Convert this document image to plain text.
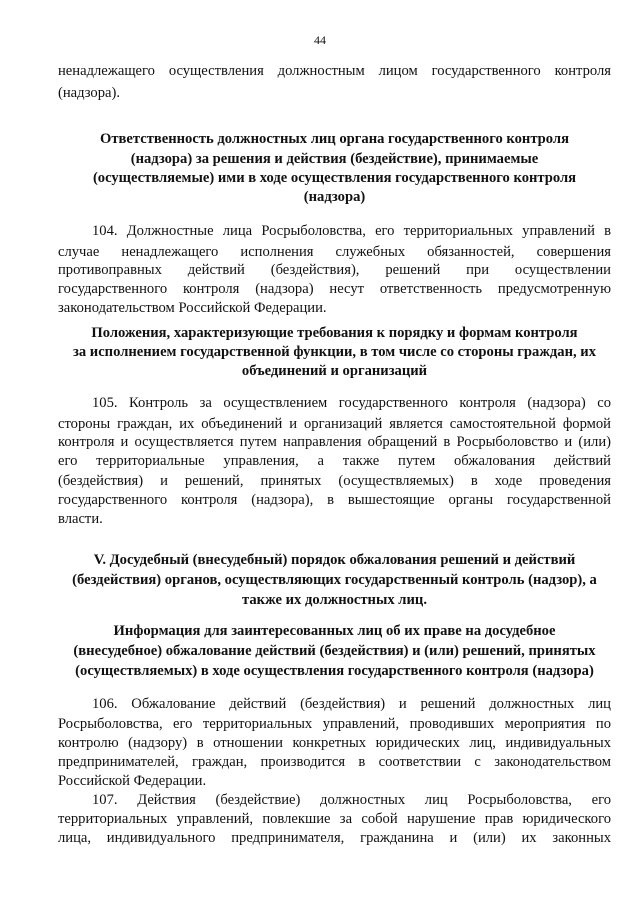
44
ненадлежащего осуществления должностным лицом государственного контроля
(надзора).
Ответственность должностных лиц органа государственного контроля
(надзора) за решения и действия (бездействие), принимаемые
(осуществляемые) ими в ходе осуществления государственного контроля
(надзора)
104. Должностные лица Росрыболовства, его территориальных управлений в
случае ненадлежащего исполнения служебных обязанностей, совершения
противоправных действий (бездействия), решений при осуществлении
государственного контроля (надзора) несут ответственность предусмотренную
законодательством Российской Федерации.
Положения, характеризующие требования к порядку и формам контроля
за исполнением государственной функции, в том числе со стороны граждан, их
объединений и организаций
105. Контроль за осуществлением государственного контроля (надзора) со
стороны граждан, их объединений и организаций является самостоятельной формой
контроля и осуществляется путем направления обращений в Росрыболовство и (или)
его территориальные управления, а также путем обжалования действий
(бездействия) и решений, принятых (осуществляемых) в ходе проведения
государственного контроля (надзора), в вышестоящие органы государственной
власти.
V. Досудебный (внесудебный) порядок обжалования решений и действий
(бездействия) органов, осуществляющих государственный контроль (надзор), а
также их должностных лиц.
Информация для заинтересованных лиц об их праве на досудебное
(внесудебное) обжалование действий (бездействия) и (или) решений, принятых
(осуществляемых) в ходе осуществления государственного контроля (надзора)
106. Обжалование действий (бездействия) и решений должностных лиц
Росрыболовства, его территориальных управлений, проводивших мероприятия по
контролю (надзору) в отношении конкретных юридических лиц, индивидуальных
предпринимателей, граждан, производится в соответствии с законодательством
Российской Федерации.
107. Действия (бездействие) должностных лиц Росрыболовства, его
территориальных управлений, повлекшие за собой нарушение прав юридического
лица, индивидуального предпринимателя, гражданина и (или) их законных
